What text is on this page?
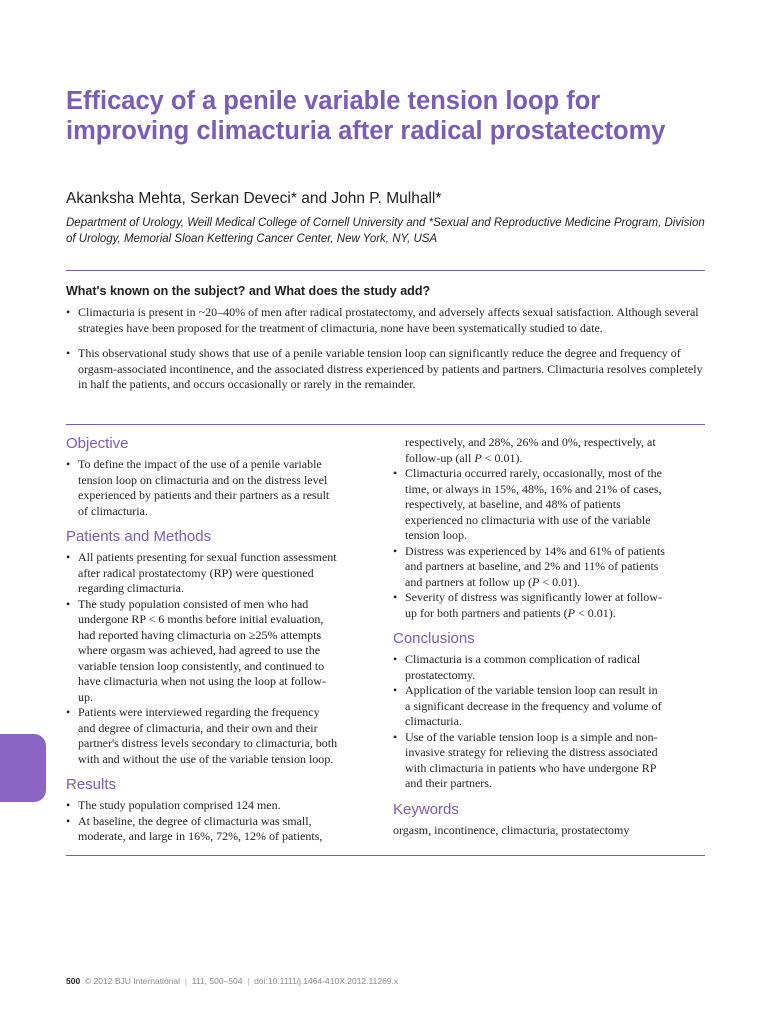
Efficacy of a penile variable tension loop for improving climacturia after radical prostatectomy

Akanksha Mehta, Serkan Deveci* and John P. Mulhall*

Department of Urology, Weill Medical College of Cornell University and *Sexual and Reproductive Medicine Program, Division of Urology, Memorial Sloan Kettering Cancer Center, New York, NY, USA

What's known on the subject? and What does the study add?

• Climacturia is present in ~20–40% of men after radical prostatectomy, and adversely affects sexual satisfaction. Although several strategies have been proposed for the treatment of climacturia, none have been systematically studied to date.
• This observational study shows that use of a penile variable tension loop can significantly reduce the degree and frequency of orgasm-associated incontinence, and the associated distress experienced by patients and partners. Climacturia resolves completely in half the patients, and occurs occasionally or rarely in the remainder.
Objective
• To define the impact of the use of a penile variable tension loop on climacturia and on the distress level experienced by patients and their partners as a result of climacturia.
Patients and Methods
• All patients presenting for sexual function assessment after radical prostatectomy (RP) were questioned regarding climacturia.
• The study population consisted of men who had undergone RP < 6 months before initial evaluation, had reported having climacturia on ≥25% attempts where orgasm was achieved, had agreed to use the variable tension loop consistently, and continued to have climacturia when not using the loop at follow-up.
• Patients were interviewed regarding the frequency and degree of climacturia, and their own and their partner's distress levels secondary to climacturia, both with and without the use of the variable tension loop.
Results
• The study population comprised 124 men.
• At baseline, the degree of climacturia was small, moderate, and large in 16%, 72%, 12% of patients,
respectively, and 28%, 26% and 0%, respectively, at follow-up (all P < 0.01).
• Climacturia occurred rarely, occasionally, most of the time, or always in 15%, 48%, 16% and 21% of cases, respectively, at baseline, and 48% of patients experienced no climacturia with use of the variable tension loop.
• Distress was experienced by 14% and 61% of patients and partners at baseline, and 2% and 11% of patients and partners at follow up (P < 0.01).
• Severity of distress was significantly lower at follow-up for both partners and patients (P < 0.01).
Conclusions
• Climacturia is a common complication of radical prostatectomy.
• Application of the variable tension loop can result in a significant decrease in the frequency and volume of climacturia.
• Use of the variable tension loop is a simple and non-invasive strategy for relieving the distress associated with climacturia in patients who have undergone RP and their partners.
Keywords

orgasm, incontinence, climacturia, prostatectomy

500 © 2012 BJU International | 111, 500–504 | doi:10.1111/j.1464-410X.2012.11269.x
